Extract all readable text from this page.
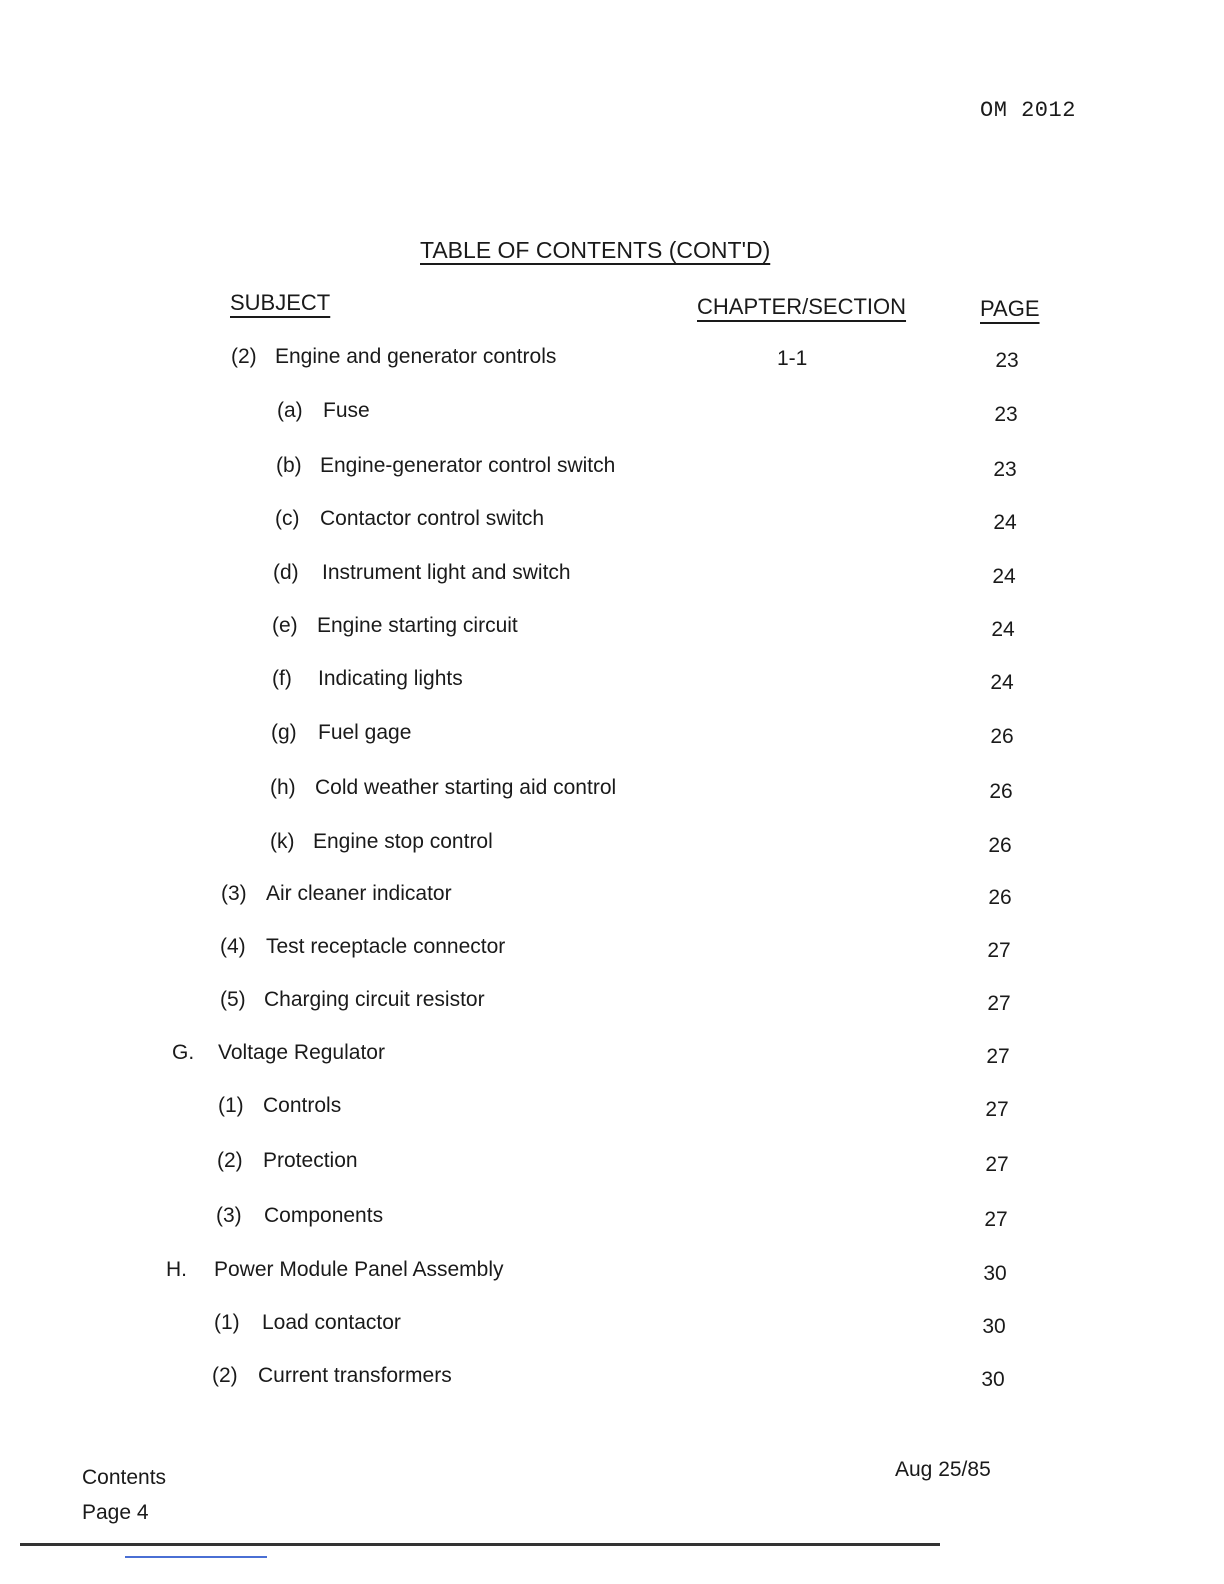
OM 2012
TABLE OF CONTENTS (CONT'D)
SUBJECT	CHAPTER/SECTION	PAGE
(2) Engine and generator controls	1-1	23
(a) Fuse	23
(b) Engine-generator control switch	23
(c) Contactor control switch	24
(d) Instrument light and switch	24
(e) Engine starting circuit	24
(f) Indicating lights	24
(g) Fuel gage	26
(h) Cold weather starting aid control	26
(k) Engine stop control	26
(3) Air cleaner indicator	26
(4) Test receptacle connector	27
(5) Charging circuit resistor	27
G. Voltage Regulator	27
(1) Controls	27
(2) Protection	27
(3) Components	27
H. Power Module Panel Assembly	30
(1) Load contactor	30
(2) Current transformers	30
Contents
Page 4
Aug 25/85
